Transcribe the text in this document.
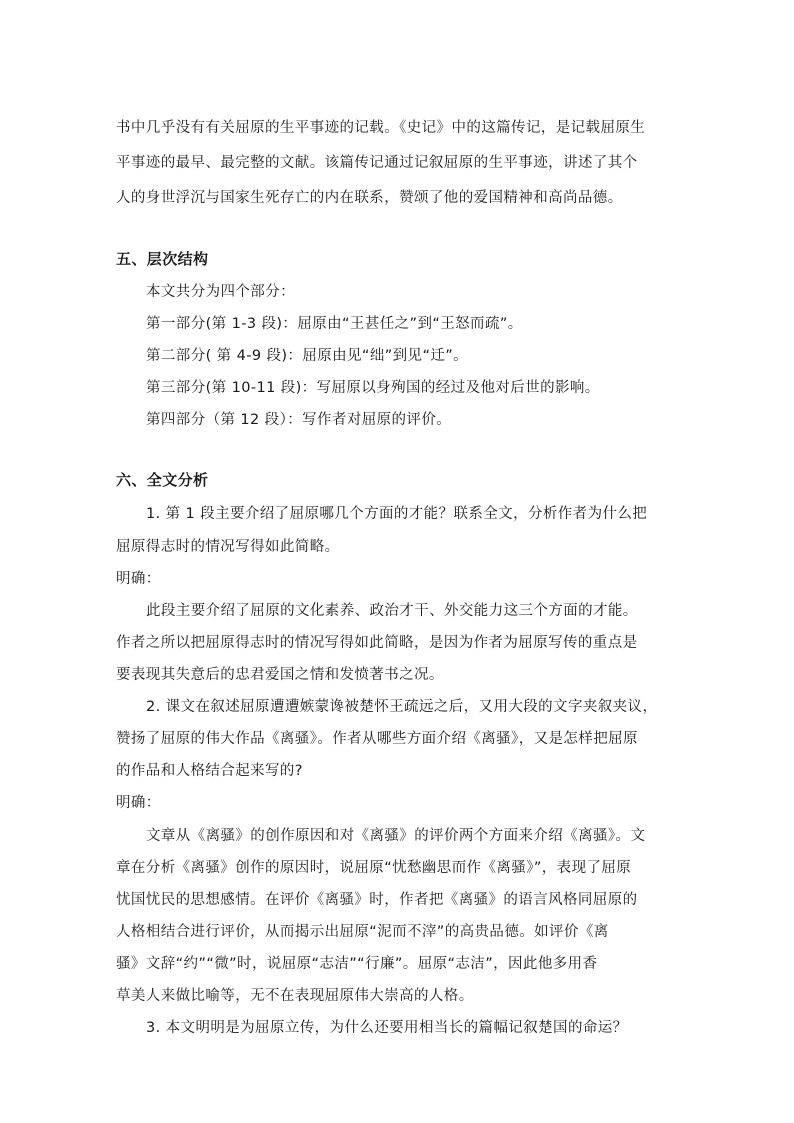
书中几乎没有有关屈原的生平事迹的记载。《史记》中的这篇传记，是记载屈原生
平事迹的最早、最完整的文献。该篇传记通过记叙屈原的生平事迹，讲述了其个
人的身世浮沉与国家生死存亡的内在联系，赞颂了他的爱国精神和高尚品德。
五、层次结构
本文共分为四个部分：
第一部分(第 1-3 段)：屈原由“王甚任之”到“王怒而疏”。
第二部分( 第 4-9 段)：屈原由见“绌”到见“迁”。
第三部分(第 10-11 段)：写屈原以身殉国的经过及他对后世的影响。
第四部分（第 12 段）：写作者对屈原的评价。
六、全文分析
1. 第 1 段主要介绍了屈原哪几个方面的才能？联系全文，分析作者为什么把
屈原得志时的情况写得如此简略。
明确：
此段主要介绍了屈原的文化素养、政治才干、外交能力这三个方面的才能。
作者之所以把屈原得志时的情况写得如此简略，是因为作者为屈原写传的重点是
要表现其失意后的忠君爱国之情和发愤著书之况。
2. 课文在叙述屈原遭遭嫉蒙谗被楚怀王疏远之后，又用大段的文字夹叙夹议，
赞扬了屈原的伟大作品《离骚》。作者从哪些方面介绍《离骚》，又是怎样把屈原
的作品和人格结合起来写的?
明确：
文章从《离骚》的创作原因和对《离骚》的评价两个方面来介绍《离骚》。文
章在分析《离骚》创作的原因时，说屈原“忧愁幽思而作《离骚》”，表现了屈原
忧国忧民的思想感情。在评价《离骚》时，作者把《离骚》的语言风格同屈原的
人格相结合进行评价，从而揭示出屈原“泥而不滓”的高贵品德。如评价《离
骚》文辞“约”“微”时，说屈原“志洁”“行廉”。屈原“志洁”，因此他多用香
草美人来做比喻等，无不在表现屈原伟大崇高的人格。
3. 本文明明是为屈原立传，为什么还要用相当长的篇幅记叙楚国的命运？
